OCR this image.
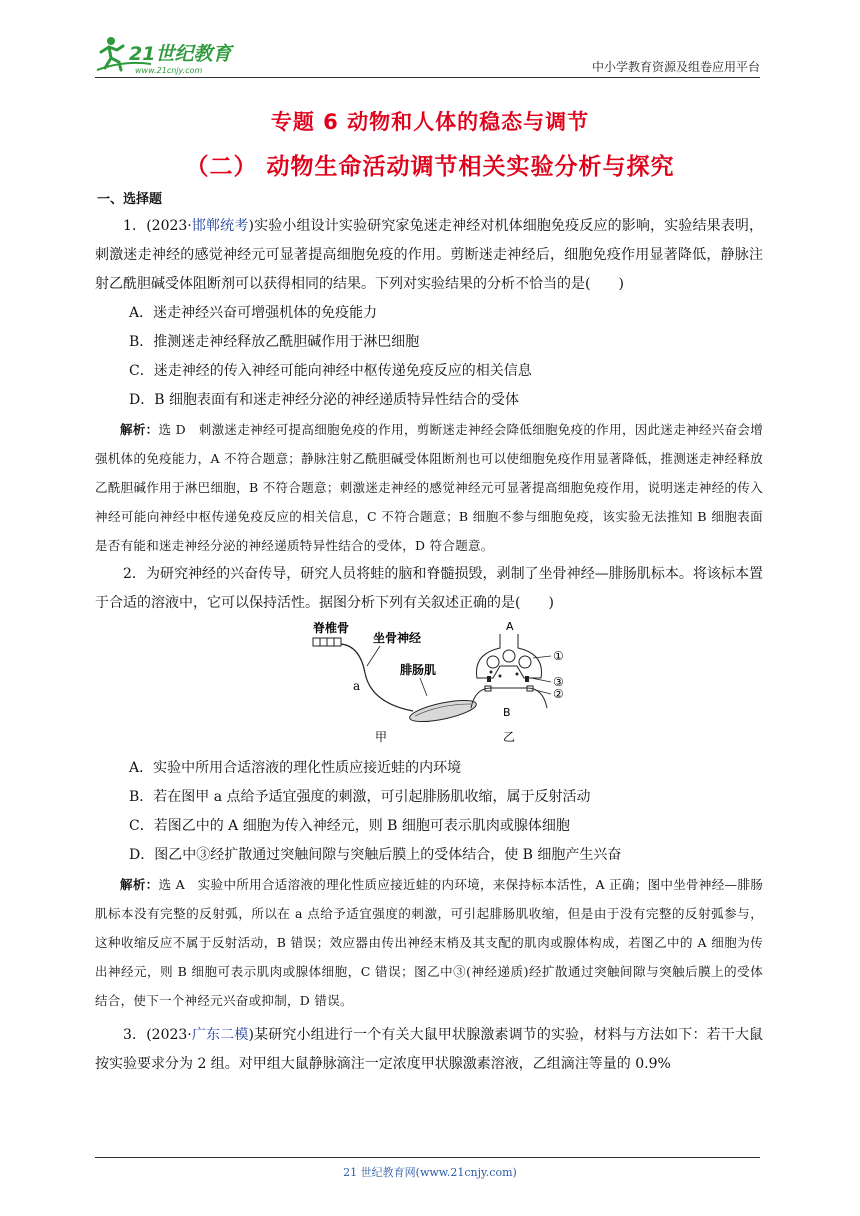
21世纪教育
www.21cnjy.com	中小学教育资源及组卷应用平台
专题 6 动物和人体的稳态与调节
（二） 动物生命活动调节相关实验分析与探究
一、选择题

1．(2023·邯郸统考)实验小组设计实验研究家兔迷走神经对机体细胞免疫反应的影响，实验结果表明，刺激迷走神经的感觉神经元可显著提高细胞免疫的作用。剪断迷走神经后，细胞免疫作用显著降低，静脉注射乙酰胆碱受体阻断剂可以获得相同的结果。下列对实验结果的分析不恰当的是(　　)

A．迷走神经兴奋可增强机体的免疫能力

B．推测迷走神经释放乙酰胆碱作用于淋巴细胞

C．迷走神经的传入神经可能向神经中枢传递免疫反应的相关信息

D．B 细胞表面有和迷走神经分泌的神经递质特异性结合的受体

解析：选 D　刺激迷走神经可提高细胞免疫的作用，剪断迷走神经会降低细胞免疫的作用，因此迷走神经兴奋会增强机体的免疫能力，A 不符合题意；静脉注射乙酰胆碱受体阻断剂也可以使细胞免疫作用显著降低，推测迷走神经释放乙酰胆碱作用于淋巴细胞，B 不符合题意；刺激迷走神经的感觉神经元可显著提高细胞免疫作用，说明迷走神经的传入神经可能向神经中枢传递免疫反应的相关信息，C 不符合题意；B 细胞不参与细胞免疫，该实验无法推知 B 细胞表面是否有能和迷走神经分泌的神经递质特异性结合的受体，D 符合题意。

2．为研究神经的兴奋传导，研究人员将蛙的脑和脊髓损毁，剥制了坐骨神经—腓肠肌标本。将该标本置于合适的溶液中，它可以保持活性。据图分析下列有关叙述正确的是(　　)

脊椎骨
坐骨神经
a
腓肠肌
甲
A
B
①
③
②
乙

A．实验中所用合适溶液的理化性质应接近蛙的内环境

B．若在图甲 a 点给予适宜强度的刺激，可引起腓肠肌收缩，属于反射活动

C．若图乙中的 A 细胞为传入神经元，则 B 细胞可表示肌肉或腺体细胞

D．图乙中③经扩散通过突触间隙与突触后膜上的受体结合，使 B 细胞产生兴奋

解析：选 A　实验中所用合适溶液的理化性质应接近蛙的内环境，来保持标本活性，A 正确；图中坐骨神经—腓肠肌标本没有完整的反射弧，所以在 a 点给予适宜强度的刺激，可引起腓肠肌收缩，但是由于没有完整的反射弧参与，这种收缩反应不属于反射活动，B 错误；效应器由传出神经末梢及其支配的肌肉或腺体构成，若图乙中的 A 细胞为传出神经元，则 B 细胞可表示肌肉或腺体细胞，C 错误；图乙中③(神经递质)经扩散通过突触间隙与突触后膜上的受体结合，使下一个神经元兴奋或抑制，D 错误。

3．(2023·广东二模)某研究小组进行一个有关大鼠甲状腺激素调节的实验，材料与方法如下：若干大鼠按实验要求分为 2 组。对甲组大鼠静脉滴注一定浓度甲状腺激素溶液，乙组滴注等量的 0.9%

21 世纪教育网(www.21cnjy.com)
